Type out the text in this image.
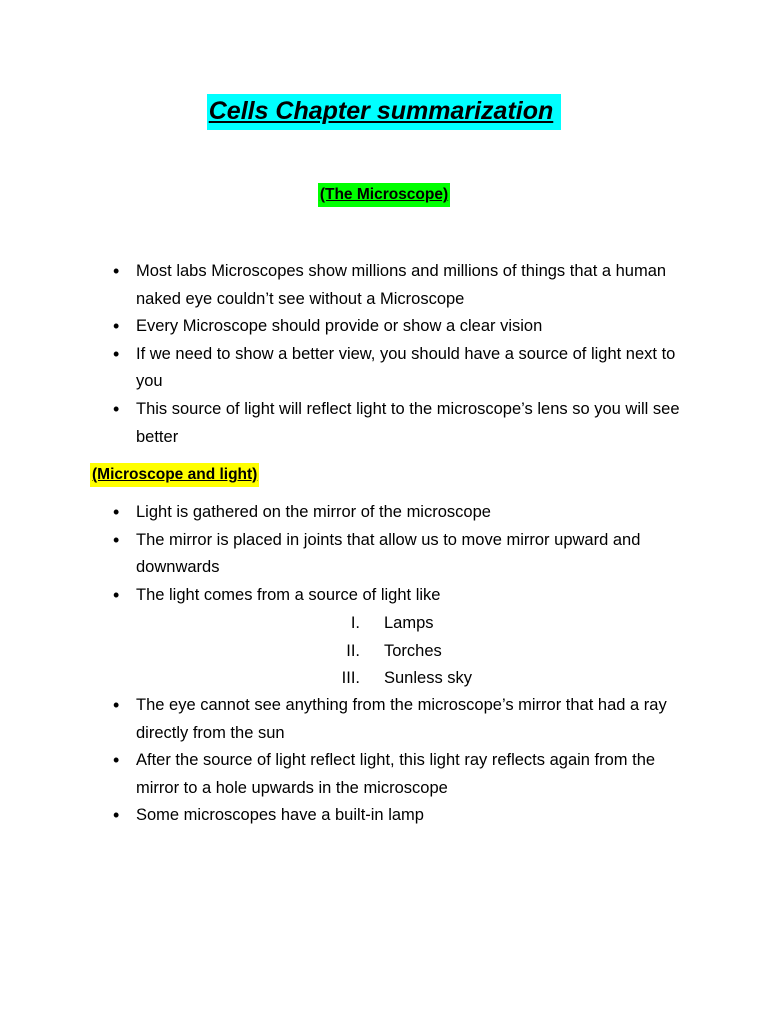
Cells Chapter summarization
(The Microscope)
• Most labs Microscopes show millions and millions of things that a human naked eye couldn’t see without a Microscope
• Every Microscope should provide or show a clear vision
• If we need to show a better view, you should have a source of light next to you
• This source of light will reflect light to the microscope’s lens so you will see better
(Microscope and light)
• Light is gathered on the mirror of the microscope
• The mirror is placed in joints that allow us to move mirror upward and downwards
• The light comes from a source of light like
I. Lamps
II. Torches
III. Sunless sky
• The eye cannot see anything from the microscope’s mirror that had a ray directly from the sun
• After the source of light reflect light, this light ray reflects again from the mirror to a hole upwards in the microscope
• Some microscopes have a built-in lamp
